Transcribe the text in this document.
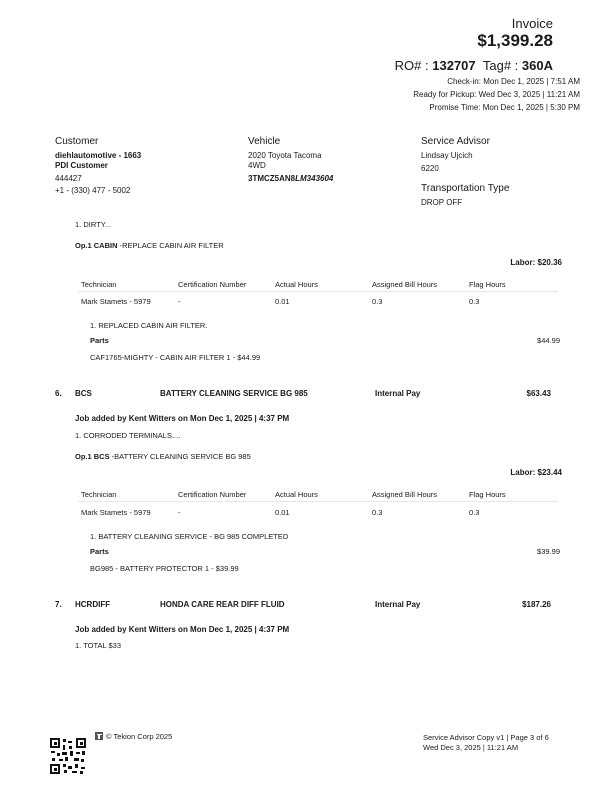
Invoice
$1,399.28
RO# : 132707 Tag# : 360A
Check-in: Mon Dec 1, 2025 | 7:51 AM
Ready for Pickup: Wed Dec 3, 2025 | 11:21 AM
Promise Time: Mon Dec 1, 2025 | 5:30 PM
Customer
diehlautomotive - 1663
PDI Customer
444427
+1 - (330) 477 - 5002
Vehicle
2020 Toyota Tacoma
4WD
3TMCZ5AN8LM343604
Service Advisor
Lindsay Ujcich
6220
Transportation Type
DROP OFF
1. DIRTY...
Op.1 CABIN -REPLACE CABIN AIR FILTER
Labor: $20.36
Technician	Certification Number	Actual Hours	Assigned Bill Hours	Flag Hours
Mark Stamets - 5979	-	0.01	0.3	0.3
1. REPLACED CABIN AIR FILTER.
Parts	$44.99
CAF1765-MIGHTY - CABIN AIR FILTER 1 - $44.99
6. BCS	BATTERY CLEANING SERVICE BG 985	Internal Pay	$63.43
Job added by Kent Witters on Mon Dec 1, 2025 | 4:37 PM
1. CORRODED TERMINALS....
Op.1 BCS -BATTERY CLEANING SERVICE BG 985
Labor: $23.44
Technician	Certification Number	Actual Hours	Assigned Bill Hours	Flag Hours
Mark Stamets - 5979	-	0.01	0.3	0.3
1. BATTERY CLEANING SERVICE - BG 985 COMPLETED
Parts	$39.99
BG985 - BATTERY PROTECTOR 1 - $39.99
7. HCRDIFF	HONDA CARE REAR DIFF FLUID	Internal Pay	$187.26
Job added by Kent Witters on Mon Dec 1, 2025 | 4:37 PM
1. TOTAL $33
© Tekion Corp 2025	Service Advisor Copy v1 | Page 3 of 6
Wed Dec 3, 2025 | 11:21 AM
